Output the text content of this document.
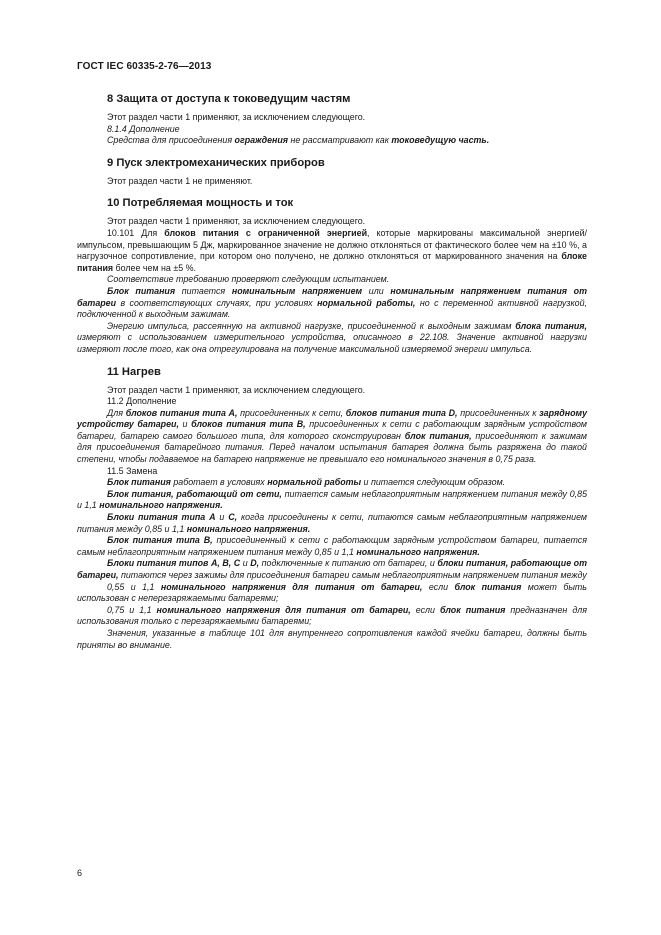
ГОСТ IEC 60335-2-76—2013
8 Защита от доступа к токоведущим частям

Этот раздел части 1 применяют, за исключением следующего.

8.1.4 Дополнение

Средства для присоединения ограждения не рассматривают как токоведущую часть.

9 Пуск электромеханических приборов

Этот раздел части 1 не применяют.

10 Потребляемая мощность и ток

Этот раздел части 1 применяют, за исключением следующего.

10.101 Для блоков питания с ограниченной энергией, которые маркированы максимальной энергией/импульсом, превышающим 5 Дж, маркированное значение не должно отклоняться от фактического более чем на ±10 %, а нагрузочное сопротивление, при котором оно получено, не должно отклоняться от маркированного значения на блоке питания более чем на ±5 %.

Соответствие требованию проверяют следующим испытанием.

Блок питания питается номинальным напряжением или номинальным напряжением питания от батареи в соответствующих случаях, при условиях нормальной работы, но с переменной активной нагрузкой, подключенной к выходным зажимам.

Энергию импульса, рассеянную на активной нагрузке, присоединенной к выходным зажимам блока питания, измеряют с использованием измерительного устройства, описанного в 22.108. Значение активной нагрузки измеряют после того, как она отрегулирована на получение максимальной измеряемой энергии импульса.

11 Нагрев

Этот раздел части 1 применяют, за исключением следующего.

11.2 Дополнение

Для блоков питания типа А, присоединенных к сети, блоков питания типа D, присоединенных к зарядному устройству батареи, и блоков питания типа В, присоединенных к сети с работающим зарядным устройством батареи, батарею самого большого типа, для которого сконструирован блок питания, присоединяют к зажимам для присоединения батарейного питания. Перед началом испытания батарея должна быть разряжена до такой степени, чтобы подаваемое на батарею напряжение не превышало его номинального значения в 0,75 раза.

11.5 Замена

Блок питания работает в условиях нормальной работы и питается следующим образом.

Блок питания, работающий от сети, питается самым неблагоприятным напряжением питания между 0,85 и 1,1 номинального напряжения.

Блоки питания типа А и С, когда присоединены к сети, питаются самым неблагоприятным напряжением питания между 0,85 и 1,1 номинального напряжения.

Блок питания типа В, присоединенный к сети с работающим зарядным устройством батареи, питается самым неблагоприятным напряжением питания между 0,85 и 1,1 номинального напряжения.

Блоки питания типов А, В, С и D, подключенные к питанию от батареи, и блоки питания, работающие от батареи, питаются через зажимы для присоединения батареи самым неблагоприятным напряжением питания между

0,55 и 1,1 номинального напряжения для питания от батареи, если блок питания может быть использован с неперезаряжаемыми батареями;

0,75 и 1,1 номинального напряжения для питания от батареи, если блок питания предназначен для использования только с перезаряжаемыми батареями;

Значения, указанные в таблице 101 для внутреннего сопротивления каждой ячейки батареи, должны быть приняты во внимание.

6
